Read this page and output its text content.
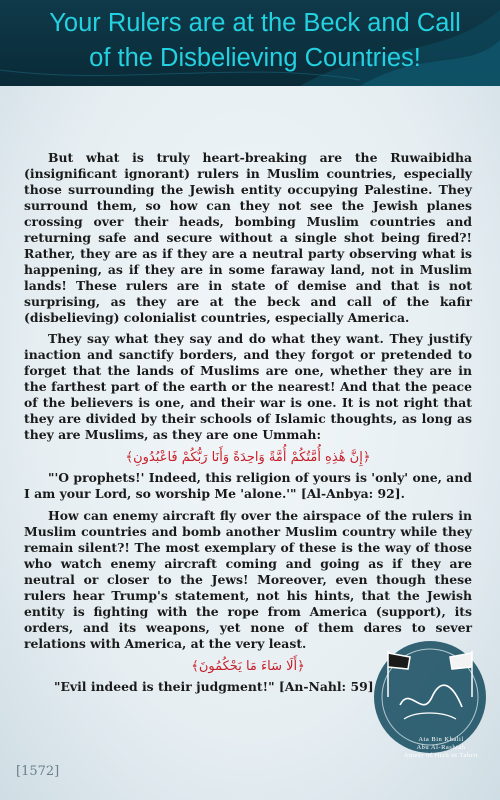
Your Rulers are at the Beck and Call
of the Disbelieving Countries!

But what is truly heart-breaking are the Ruwaibidha (insignificant ignorant) rulers in Muslim countries, especially those surrounding the Jewish entity occupying Palestine. They surround them, so how can they not see the Jewish planes crossing over their heads, bombing Muslim countries and returning safe and secure without a single shot being fired?! Rather, they are as if they are a neutral party observing what is happening, as if they are in some faraway land, not in Muslim lands! These rulers are in state of demise and that is not surprising, as they are at the beck and call of the kafir (disbelieving) colonialist countries, especially America.

They say what they say and do what they want. They justify inaction and sanctify borders, and they forgot or pretended to forget that the lands of Muslims are one, whether they are in the farthest part of the earth or the nearest! And that the peace of the believers is one, and their war is one. It is not right that they are divided by their schools of Islamic thoughts, as long as they are Muslims, as they are one Ummah:

﴿إِنَّ هَٰذِهِ أُمَّتُكُمْ أُمَّةً وَاحِدَةً وَأَنَا رَبُّكُمْ فَاعْبُدُونِ﴾

"'O prophets!' Indeed, this religion of yours is 'only' one, and I am your Lord, so worship Me 'alone.'" [Al-Anbya: 92].

How can enemy aircraft fly over the airspace of the rulers in Muslim countries and bomb another Muslim country while they remain silent?! The most exemplary of these is the way of those who watch enemy aircraft coming and going as if they are neutral or closer to the Jews! Moreover, even though these rulers hear Trump's statement, not his hints, that the Jewish entity is fighting with the rope from America (support), its orders, and its weapons, yet none of them dares to sever relations with America, at the very least.

﴿أَلَا سَاءَ مَا يَحْكُمُونَ﴾

"Evil indeed is their judgment!" [An-Nahl: 59]

[1572]
Ata Bin Khalil
Abu Al-Rashtah
Ameer of Hizb ut Tahrir
